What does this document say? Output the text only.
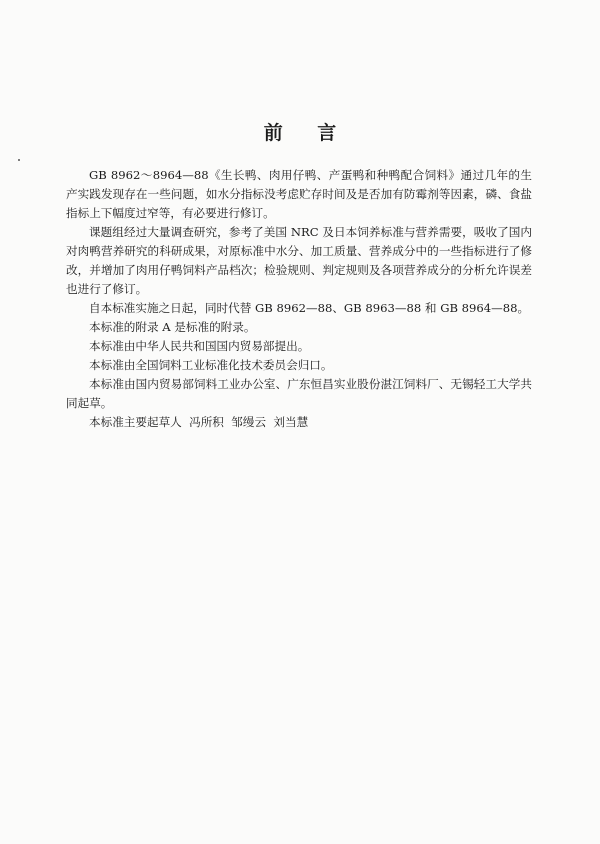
前 言

GB 8962～8964—88《生长鸭、肉用仔鸭、产蛋鸭和种鸭配合饲料》通过几年的生产实践发现存在一些问题，如水分指标没考虑贮存时间及是否加有防霉剂等因素，磷、食盐指标上下幅度过窄等，有必要进行修订。

课题组经过大量调查研究，参考了美国 NRC 及日本饲养标准与营养需要，吸收了国内对肉鸭营养研究的科研成果，对原标准中水分、加工质量、营养成分中的一些指标进行了修改，并增加了肉用仔鸭饲料产品档次；检验规则、判定规则及各项营养成分的分析允许误差也进行了修订。

自本标准实施之日起，同时代替 GB 8962—88、GB 8963—88 和 GB 8964—88。

本标准的附录 A 是标准的附录。

本标准由中华人民共和国国内贸易部提出。

本标准由全国饲料工业标准化技术委员会归口。

本标准由国内贸易部饲料工业办公室、广东恒昌实业股份湛江饲料厂、无锡轻工大学共同起草。

本标准主要起草人  冯所积  邹缦云  刘当慧
